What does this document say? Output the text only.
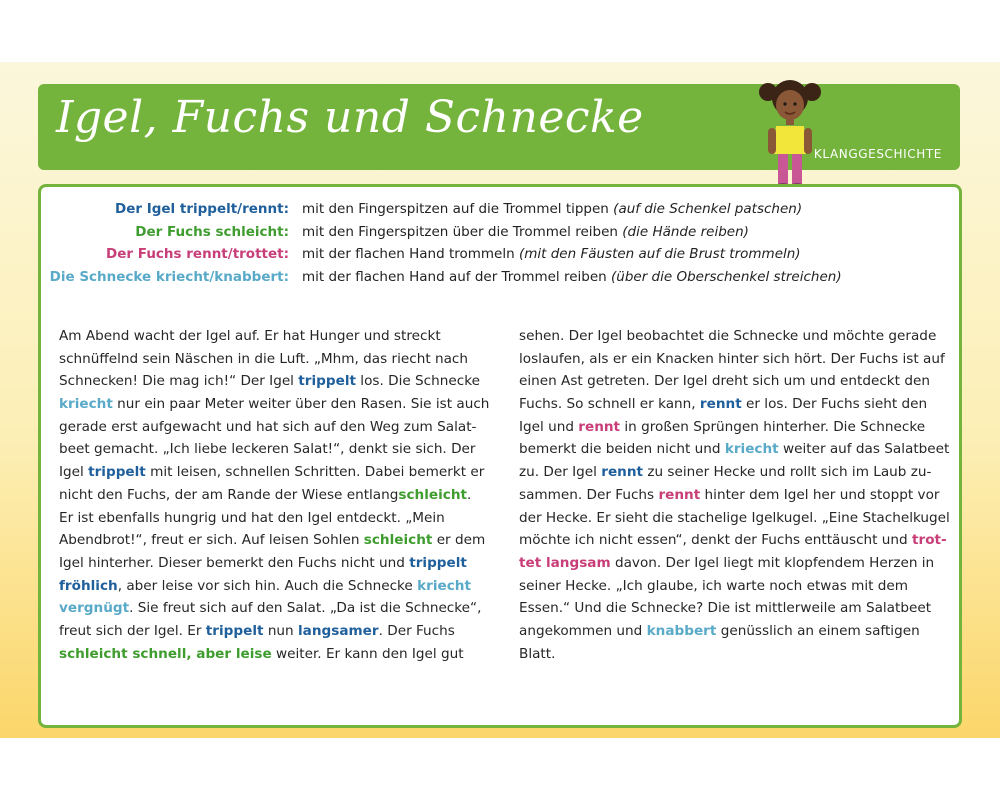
Igel, Fuchs und Schnecke
KLANGGESCHICHTE
Der Igel trippelt/rennt: mit den Fingerspitzen auf die Trommel tippen (auf die Schenkel patschen)
Der Fuchs schleicht: mit den Fingerspitzen über die Trommel reiben (die Hände reiben)
Der Fuchs rennt/trottet: mit der flachen Hand trommeln (mit den Fäusten auf die Brust trommeln)
Die Schnecke kriecht/knabbert: mit der flachen Hand auf der Trommel reiben (über die Oberschenkel streichen)
Am Abend wacht der Igel auf. Er hat Hunger und streckt
schnüffelnd sein Näschen in die Luft. „Mhm, das riecht nach
Schnecken! Die mag ich!“ Der Igel trippelt los. Die Schnecke
kriecht nur ein paar Meter weiter über den Rasen. Sie ist auch
gerade erst aufgewacht und hat sich auf den Weg zum Salat-
beet gemacht. „Ich liebe leckeren Salat!“, denkt sie sich. Der
Igel trippelt mit leisen, schnellen Schritten. Dabei bemerkt er
nicht den Fuchs, der am Rande der Wiese entlangschleicht.
Er ist ebenfalls hungrig und hat den Igel entdeckt. „Mein
Abendbrot!“, freut er sich. Auf leisen Sohlen schleicht er dem
Igel hinterher. Dieser bemerkt den Fuchs nicht und trippelt
fröhlich, aber leise vor sich hin. Auch die Schnecke kriecht
vergnügt. Sie freut sich auf den Salat. „Da ist die Schnecke“,
freut sich der Igel. Er trippelt nun langsamer. Der Fuchs
schleicht schnell, aber leise weiter. Er kann den Igel gut
sehen. Der Igel beobachtet die Schnecke und möchte gerade
loslaufen, als er ein Knacken hinter sich hört. Der Fuchs ist auf
einen Ast getreten. Der Igel dreht sich um und entdeckt den
Fuchs. So schnell er kann, rennt er los. Der Fuchs sieht den
Igel und rennt in großen Sprüngen hinterher. Die Schnecke
bemerkt die beiden nicht und kriecht weiter auf das Salatbeet
zu. Der Igel rennt zu seiner Hecke und rollt sich im Laub zu-
sammen. Der Fuchs rennt hinter dem Igel her und stoppt vor
der Hecke. Er sieht die stachelige Igelkugel. „Eine Stachelkugel
möchte ich nicht essen“, denkt der Fuchs enttäuscht und trot-
tet langsam davon. Der Igel liegt mit klopfendem Herzen in
seiner Hecke. „Ich glaube, ich warte noch etwas mit dem
Essen.“ Und die Schnecke? Die ist mittlerweile am Salatbeet
angekommen und knabbert genüsslich an einem saftigen
Blatt.
